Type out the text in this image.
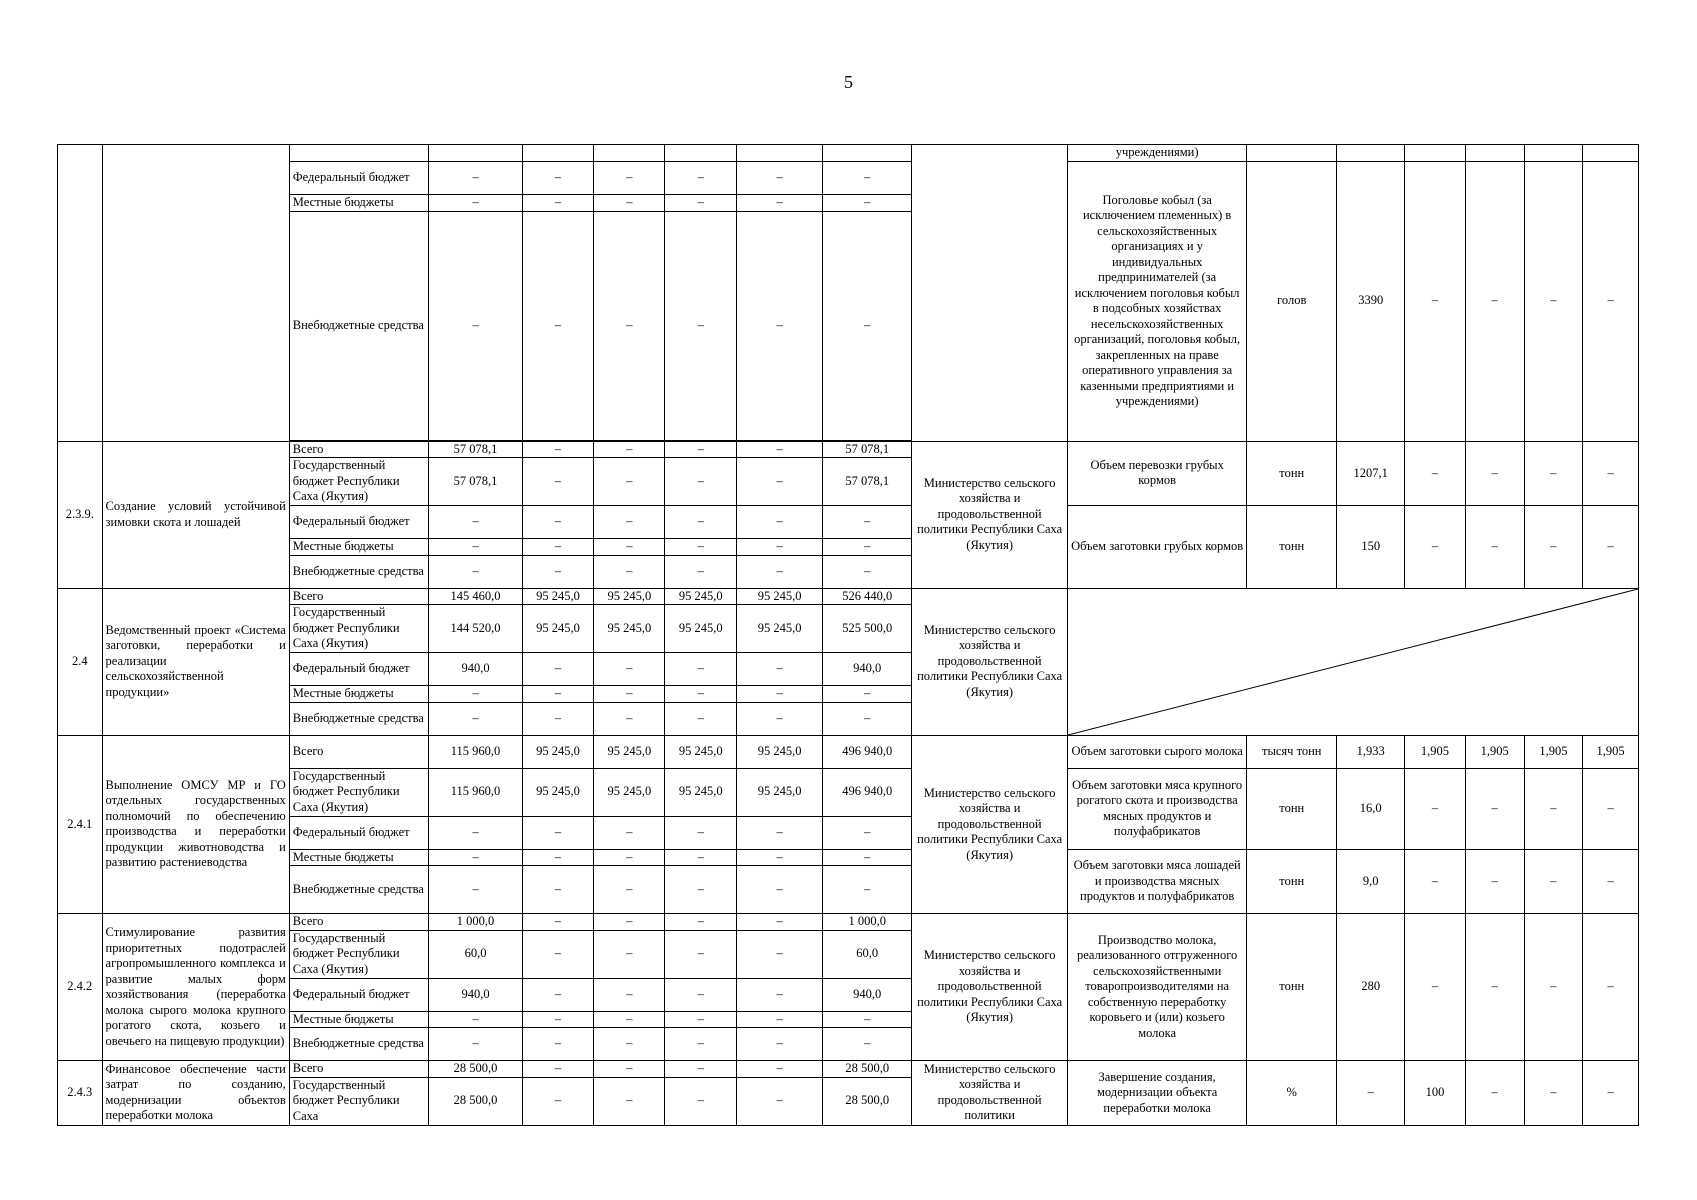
5
										учреждениями)						
		Федеральный бюджет	–	–	–	–	–	–		Поголовье кобыл (за исключением племенных) в сельскохозяйственных организациях и у индивидуальных предпринимателей (за исключением поголовья кобыл в подсобных хозяйствах несельскохозяйственных организаций, поголовья кобыл, закрепленных на праве оперативного управления за казенными предприятиями и учреждениями)	голов	3390	–	–	–	–
		Местные бюджеты	–	–	–	–	–	–								
		Внебюджетные средства	–	–	–	–	–	–								

2.3.9.	Создание условий устойчивой зимовки скота и лошадей	Всего	57 078,1	–	–	–	–	57 078,1	Министерство сельского хозяйства и продовольственной политики Республики Саха (Якутия)	Объем перевозки грубых кормов	тонн	1207,1	–	–	–	–
		Государственный бюджет Республики Саха (Якутия)	57 078,1	–	–	–	–	57 078,1								
		Федеральный бюджет	–	–	–	–	–	–		Объем заготовки грубых кормов	тонн	150	–	–	–	–
		Местные бюджеты	–	–	–	–	–	–								
		Внебюджетные средства	–	–	–	–	–	–								
2.4	Ведомственный проект «Система заготовки, переработки и реализации сельскохозяйственной продукции»	Всего	145 460,0	95 245,0	95 245,0	95 245,0	95 245,0	526 440,0	Министерство сельского хозяйства и продовольственной политики Республики Саха (Якутия)	

		Государственный бюджет Республики Саха (Якутия)	144 520,0	95 245,0	95 245,0	95 245,0	95 245,0	525 500,0								
		Федеральный бюджет	940,0	–	–	–	–	940,0								
		Местные бюджеты	–	–	–	–	–	–								
		Внебюджетные средства	–	–	–	–	–	–								
2.4.1	Выполнение ОМСУ МР и ГО отдельных государственных полномочий по обеспечению производства и переработки продукции животноводства и развитию растениеводства	Всего	115 960,0	95 245,0	95 245,0	95 245,0	95 245,0	496 940,0	Министерство сельского хозяйства и продовольственной политики Республики Саха (Якутия)	Объем заготовки сырого молока	тысяч тонн	1,933	1,905	1,905	1,905	1,905
		Государственный бюджет Республики Саха (Якутия)	115 960,0	95 245,0	95 245,0	95 245,0	95 245,0	496 940,0		Объем заготовки мяса крупного рогатого скота и производства мясных продуктов и полуфабрикатов	тонн	16,0	–	–	–	–
		Федеральный бюджет	–	–	–	–	–	–								
		Местные бюджеты	–	–	–	–	–	–		Объем заготовки мяса лошадей и производства мясных продуктов и полуфабрикатов	тонн	9,0	–	–	–	–
		Внебюджетные средства	–	–	–	–	–	–								
2.4.2	Стимулирование развития приоритетных подотраслей агропромышленного комплекса и развитие малых форм хозяйствования (переработка молока сырого молока крупного рогатого скота, козьего и овечьего на пищевую продукции)	Всего	1 000,0	–	–	–	–	1 000,0	Министерство сельского хозяйства и продовольственной политики Республики Саха (Якутия)	Производство молока, реализованного отгруженного сельскохозяйственными товаропроизводителями на собственную переработку коровьего и (или) козьего молока	тонн	280	–	–	–	–
		Государственный бюджет Республики Саха (Якутия)	60,0	–	–	–	–	60,0								
		Федеральный бюджет	940,0	–	–	–	–	940,0								
		Местные бюджеты	–	–	–	–	–	–								
		Внебюджетные средства	–	–	–	–	–	–								
2.4.3	Финансовое обеспечение части затрат по созданию, модернизации объектов переработки молока	Всего	28 500,0	–	–	–	–	28 500,0	Министерство сельского хозяйства и продовольственной политики	Завершение создания, модернизации объекта переработки молока	%	–	100	–	–	–
		Государственный бюджет Республики Саха	28 500,0	–	–	–	–	28 500,0								
